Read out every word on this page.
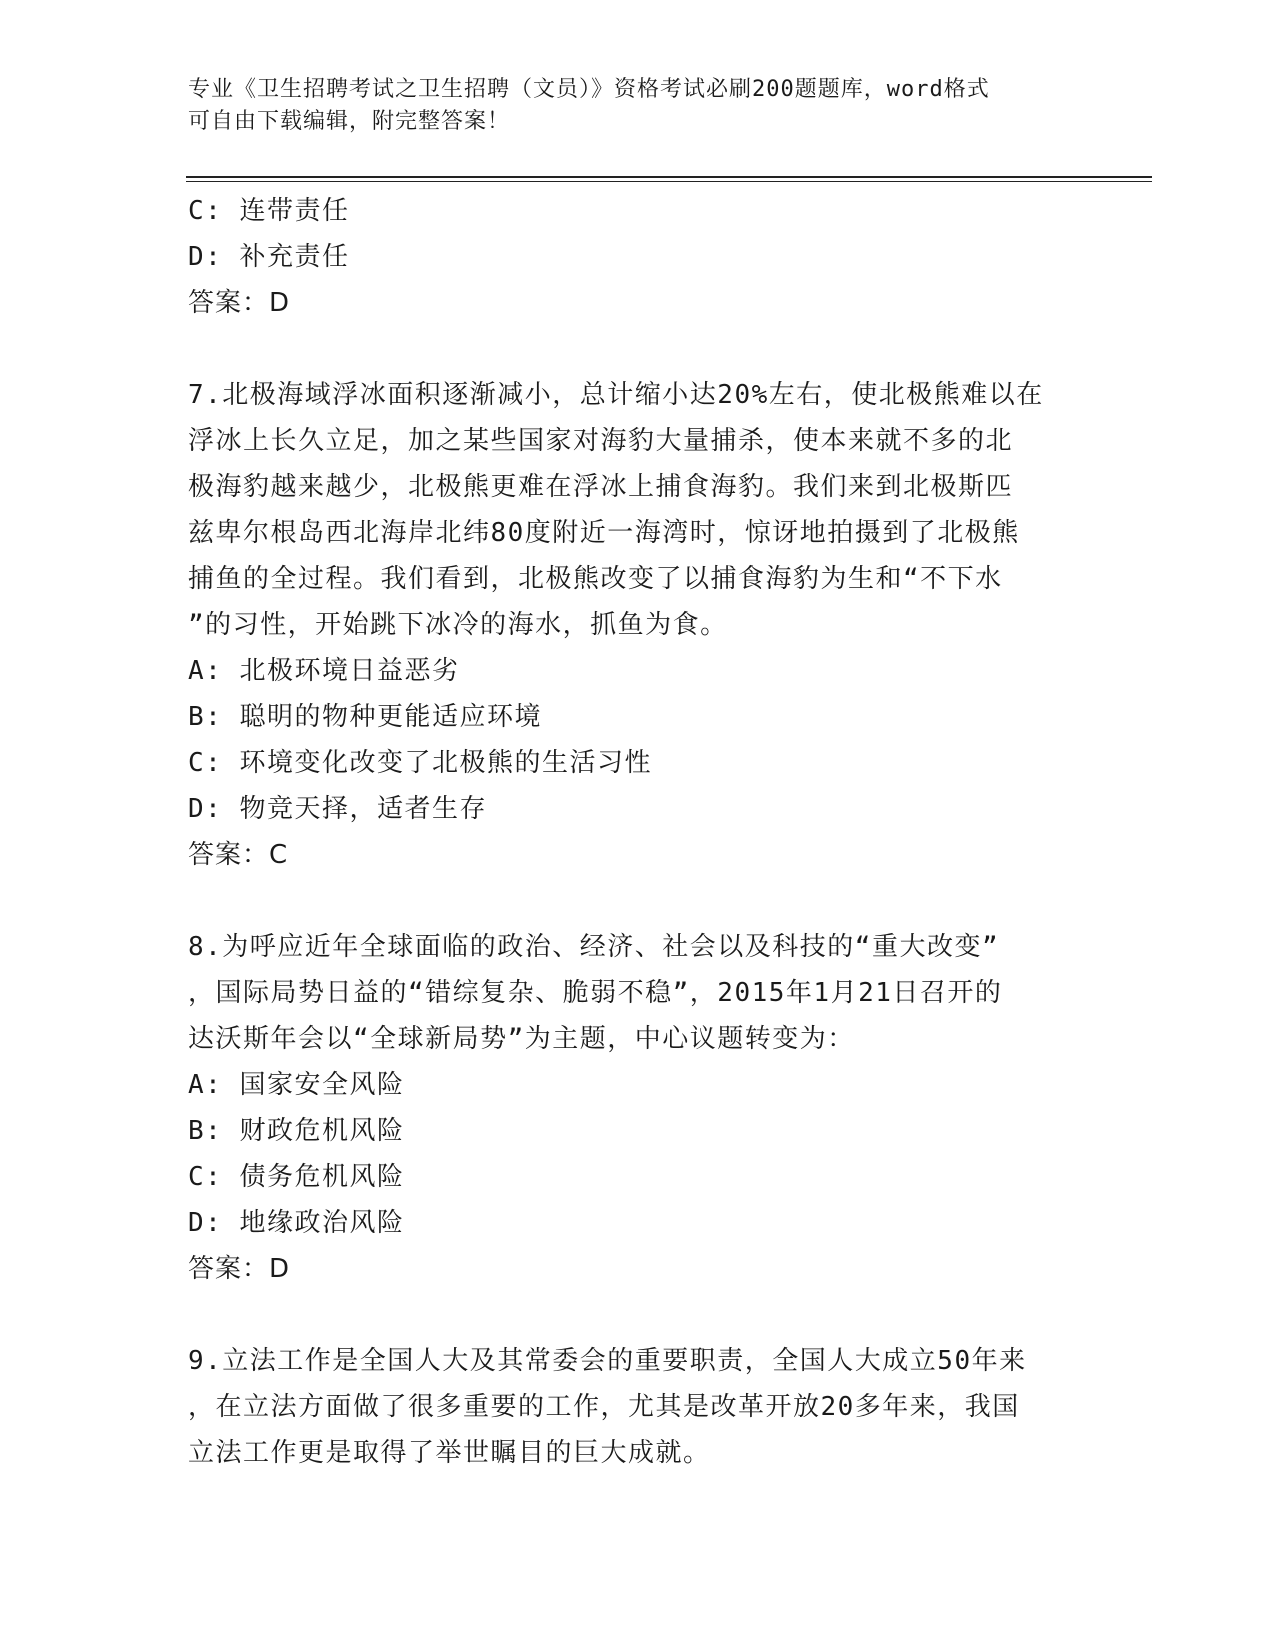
专业《卫生招聘考试之卫生招聘（文员）》资格考试必刷200题题库，word格式
可自由下载编辑，附完整答案！
C: 连带责任
D: 补充责任
答案：D
7.北极海域浮冰面积逐渐减小，总计缩小达20%左右，使北极熊难以在
浮冰上长久立足，加之某些国家对海豹大量捕杀，使本来就不多的北
极海豹越来越少，北极熊更难在浮冰上捕食海豹。我们来到北极斯匹
兹卑尔根岛西北海岸北纬80度附近一海湾时，惊讶地拍摄到了北极熊
捕鱼的全过程。我们看到，北极熊改变了以捕食海豹为生和“不下水
”的习性，开始跳下冰冷的海水，抓鱼为食。
A: 北极环境日益恶劣
B: 聪明的物种更能适应环境
C: 环境变化改变了北极熊的生活习性
D: 物竞天择，适者生存
答案：C
8.为呼应近年全球面临的政治、经济、社会以及科技的“重大改变”
，国际局势日益的“错综复杂、脆弱不稳”，2015年1月21日召开的
达沃斯年会以“全球新局势”为主题，中心议题转变为：
A: 国家安全风险
B: 财政危机风险
C: 债务危机风险
D: 地缘政治风险
答案：D
9.立法工作是全国人大及其常委会的重要职责，全国人大成立50年来
，在立法方面做了很多重要的工作，尤其是改革开放20多年来，我国
立法工作更是取得了举世瞩目的巨大成就。
